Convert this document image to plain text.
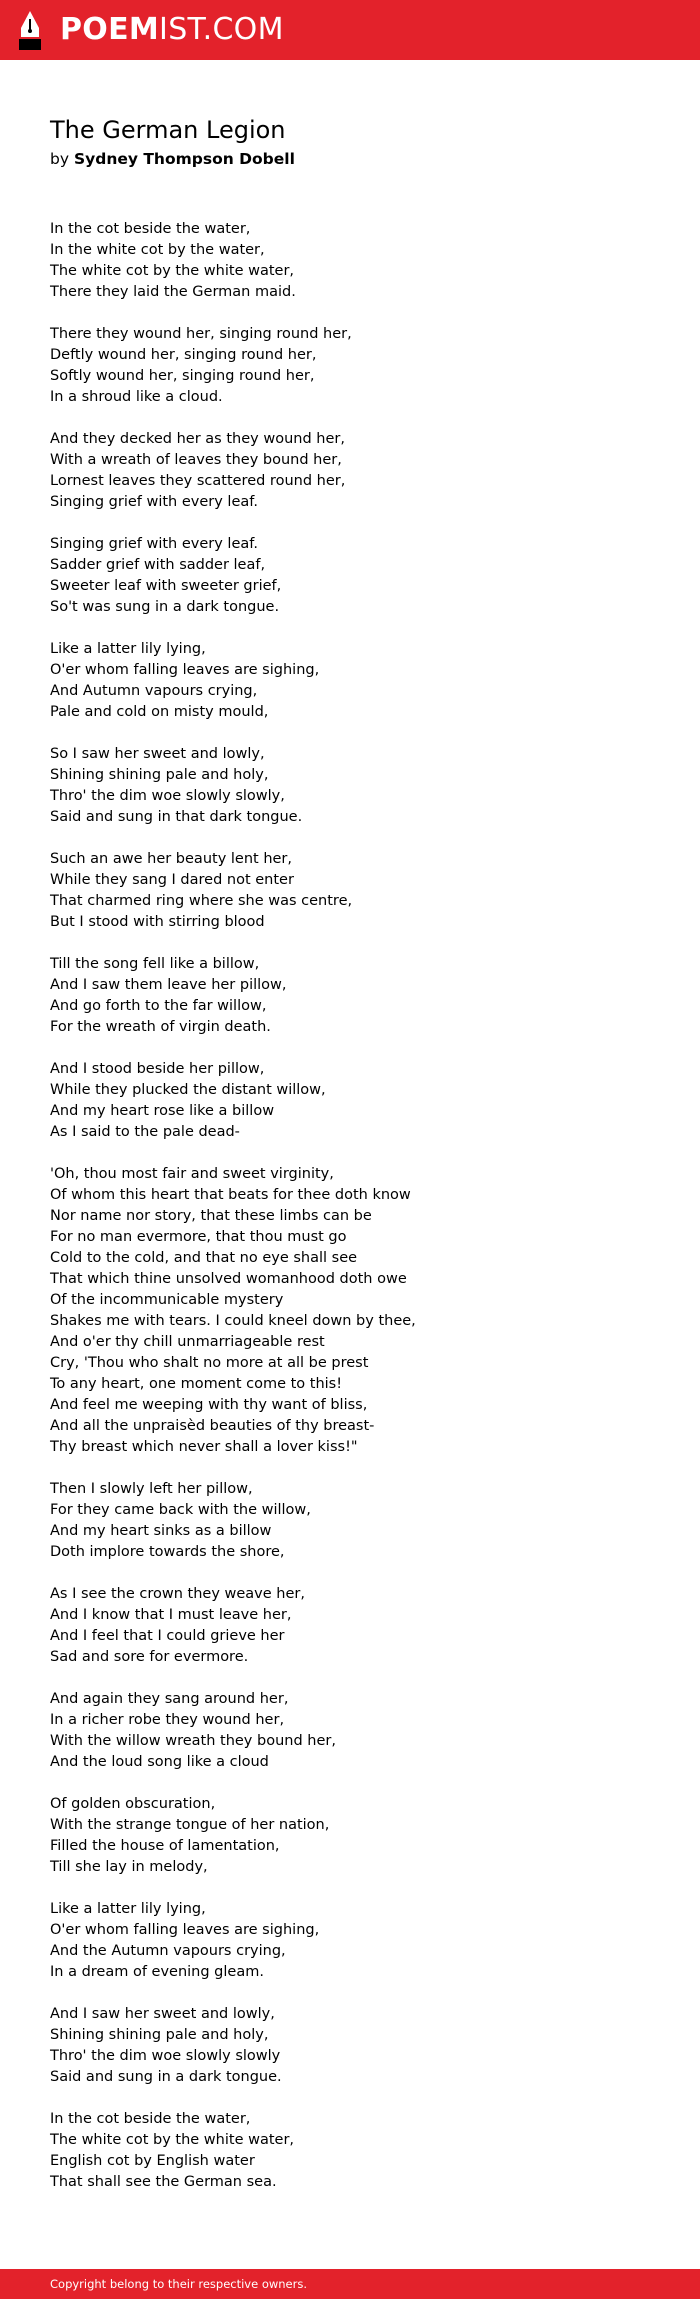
POEMIST.COM
The German Legion
by Sydney Thompson Dobell
In the cot beside the water,
In the white cot by the water,
The white cot by the white water,
There they laid the German maid.
There they wound her, singing round her,
Deftly wound her, singing round her,
Softly wound her, singing round her,
In a shroud like a cloud.
And they decked her as they wound her,
With a wreath of leaves they bound her,
Lornest leaves they scattered round her,
Singing grief with every leaf.
Singing grief with every leaf.
Sadder grief with sadder leaf,
Sweeter leaf with sweeter grief,
So't was sung in a dark tongue.
Like a latter lily lying,
O'er whom falling leaves are sighing,
And Autumn vapours crying,
Pale and cold on misty mould,
So I saw her sweet and lowly,
Shining shining pale and holy,
Thro' the dim woe slowly slowly,
Said and sung in that dark tongue.
Such an awe her beauty lent her,
While they sang I dared not enter
That charmed ring where she was centre,
But I stood with stirring blood
Till the song fell like a billow,
And I saw them leave her pillow,
And go forth to the far willow,
For the wreath of virgin death.
And I stood beside her pillow,
While they plucked the distant willow,
And my heart rose like a billow
As I said to the pale dead-
'Oh, thou most fair and sweet virginity,
Of whom this heart that beats for thee doth know
Nor name nor story, that these limbs can be
For no man evermore, that thou must go
Cold to the cold, and that no eye shall see
That which thine unsolved womanhood doth owe
Of the incommunicable mystery
Shakes me with tears. I could kneel down by thee,
And o'er thy chill unmarriageable rest
Cry, 'Thou who shalt no more at all be prest
To any heart, one moment come to this!
And feel me weeping with thy want of bliss,
And all the unpraisèd beauties of thy breast-
Thy breast which never shall a lover kiss!"
Then I slowly left her pillow,
For they came back with the willow,
And my heart sinks as a billow
Doth implore towards the shore,
As I see the crown they weave her,
And I know that I must leave her,
And I feel that I could grieve her
Sad and sore for evermore.
And again they sang around her,
In a richer robe they wound her,
With the willow wreath they bound her,
And the loud song like a cloud
Of golden obscuration,
With the strange tongue of her nation,
Filled the house of lamentation,
Till she lay in melody,
Like a latter lily lying,
O'er whom falling leaves are sighing,
And the Autumn vapours crying,
In a dream of evening gleam.
And I saw her sweet and lowly,
Shining shining pale and holy,
Thro' the dim woe slowly slowly
Said and sung in a dark tongue.
In the cot beside the water,
The white cot by the white water,
English cot by English water
That shall see the German sea.
Copyright belong to their respective owners.
